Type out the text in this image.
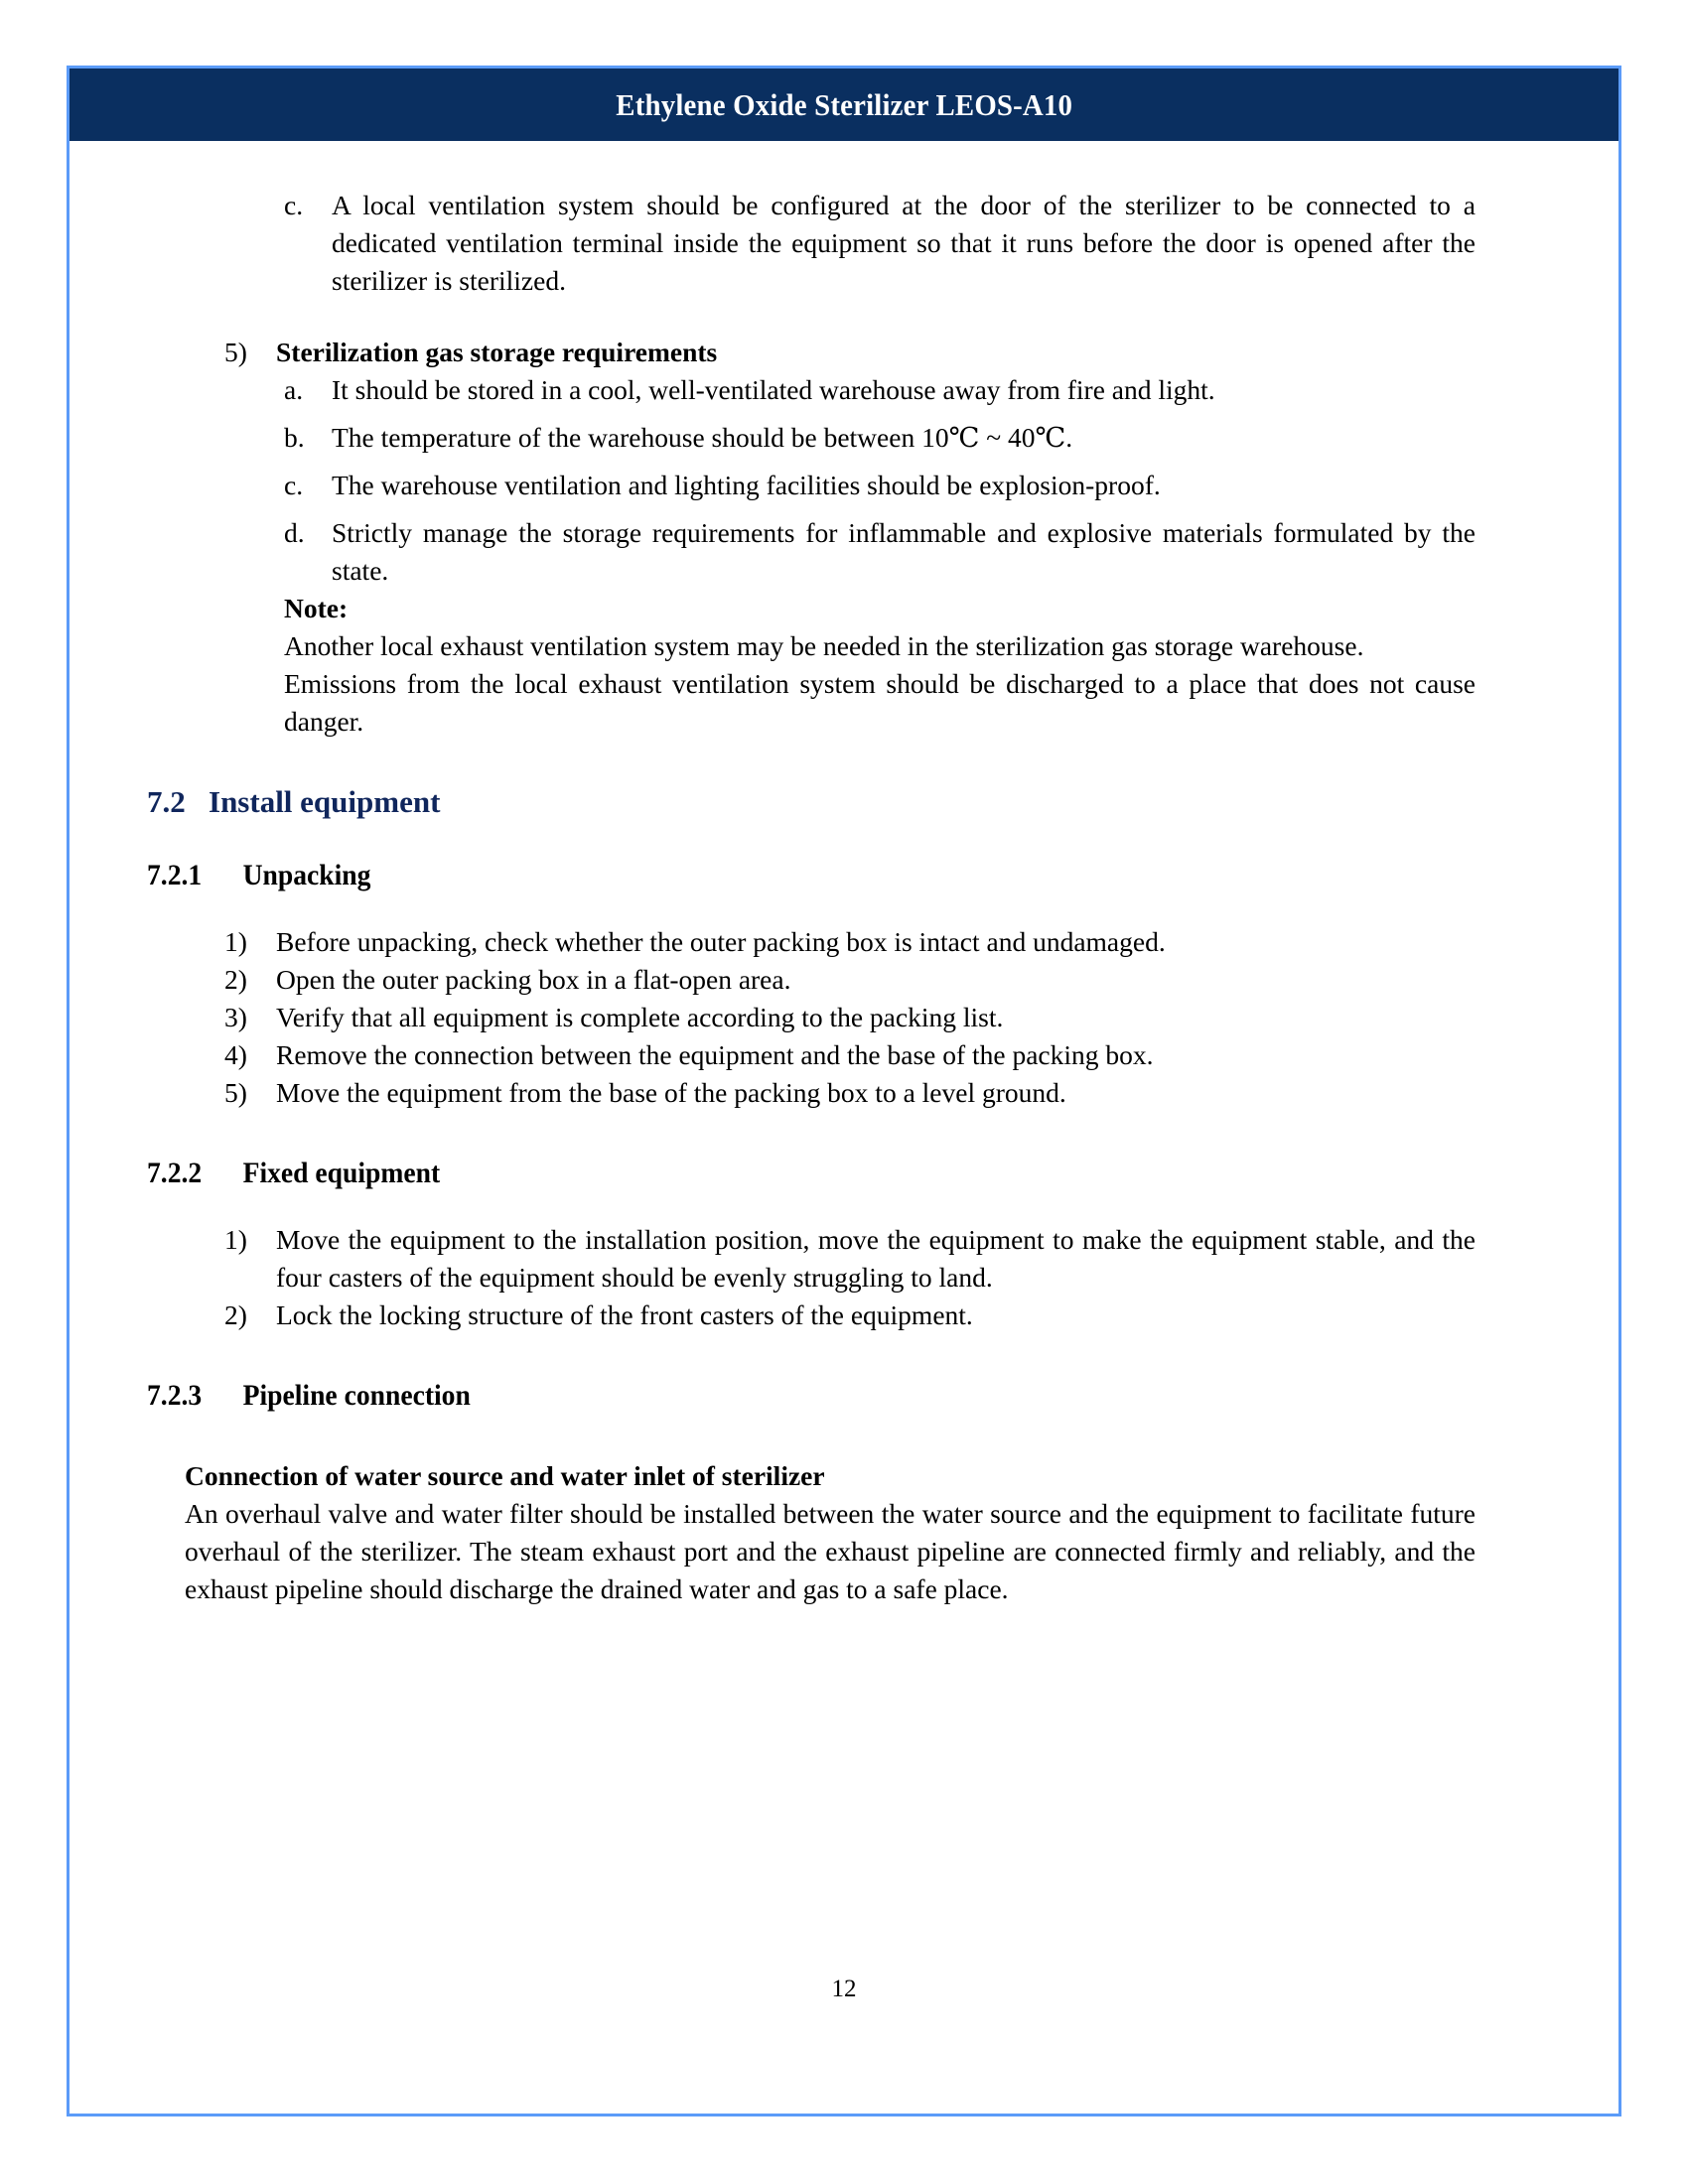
Ethylene Oxide Sterilizer LEOS-A10
c.	A local ventilation system should be configured at the door of the sterilizer to be connected to a dedicated ventilation terminal inside the equipment so that it runs before the door is opened after the sterilizer is sterilized.
5)	Sterilization gas storage requirements
a.	It should be stored in a cool, well-ventilated warehouse away from fire and light.
b. The temperature of the warehouse should be between 10℃ ~ 40℃.
c.	The warehouse ventilation and lighting facilities should be explosion-proof.
d. Strictly manage the storage requirements for inflammable and explosive materials formulated by the state.
Note:
Another local exhaust ventilation system may be needed in the sterilization gas storage warehouse.
Emissions from the local exhaust ventilation system should be discharged to a place that does not cause danger.
7.2 Install equipment
7.2.1	Unpacking
1)	Before unpacking, check whether the outer packing box is intact and undamaged.
2)	Open the outer packing box in a flat-open area.
3)	Verify that all equipment is complete according to the packing list.
4)	Remove the connection between the equipment and the base of the packing box.
5)	Move the equipment from the base of the packing box to a level ground.
7.2.2	Fixed equipment
1)	Move the equipment to the installation position, move the equipment to make the equipment stable, and the four casters of the equipment should be evenly struggling to land.
2)	Lock the locking structure of the front casters of the equipment.
7.2.3	Pipeline connection
Connection of water source and water inlet of sterilizer
An overhaul valve and water filter should be installed between the water source and the equipment to facilitate future overhaul of the sterilizer. The steam exhaust port and the exhaust pipeline are connected firmly and reliably, and the exhaust pipeline should discharge the drained water and gas to a safe place.
12
